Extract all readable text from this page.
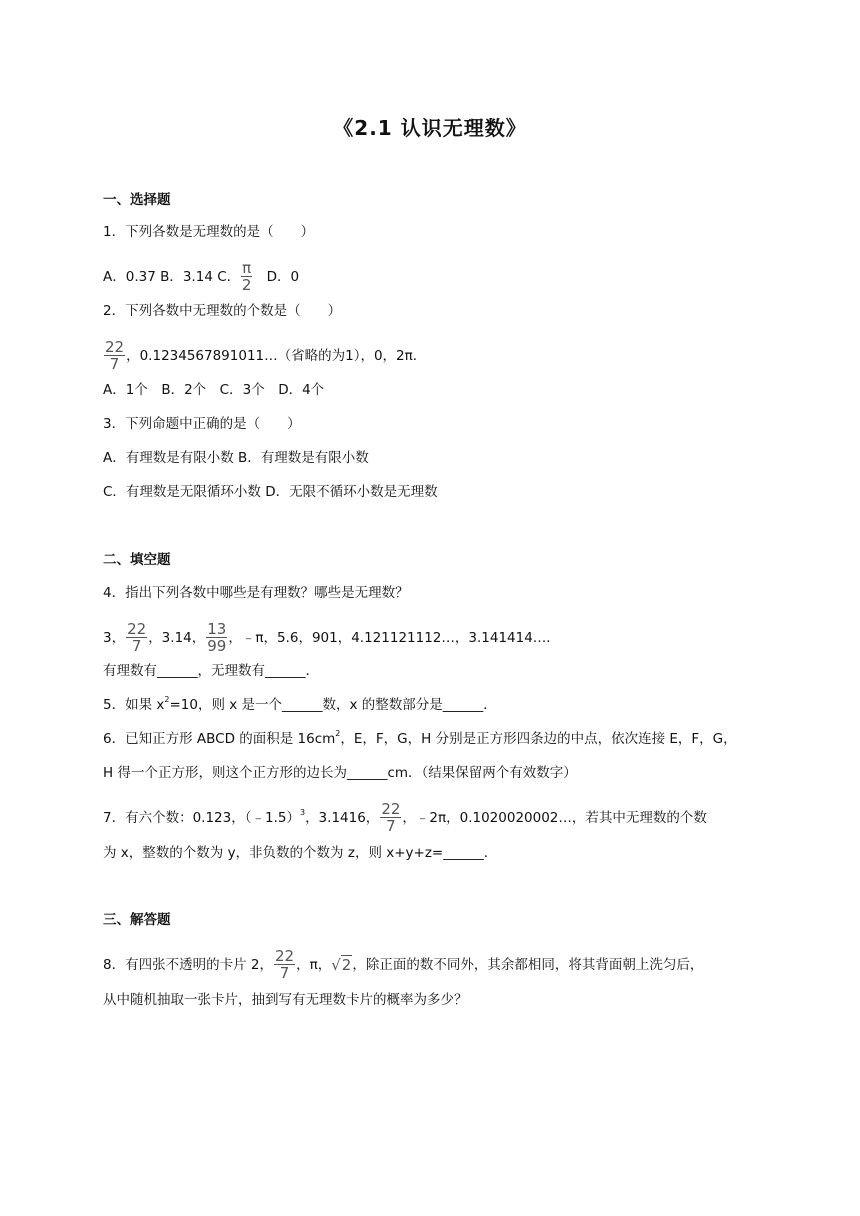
《2.1 认识无理数》
一、选择题
1．下列各数是无理数的是（　　）
A．0.37 B．3.14 C． $\frac{\pi}{2}$ 　D．0
2．下列各数中无理数的个数是（　　）
$\frac{22}{7}$ ，0.1234567891011…（省略的为1），0，2π．
A．1个　B．2个　C．3个　D．4个
3．下列命题中正确的是（　　）
A．有理数是有限小数 B．有理数是有限小数
C．有理数是无限循环小数 D．无限不循环小数是无理数
二、填空题
4．指出下列各数中哪些是有理数？哪些是无理数？
3， $\frac{22}{7}$ ，3.14， $\frac{13}{99}$ ，﹣π，5.6，901，4.121121112…，3.141414…．
有理数有______，无理数有______．
5．如果 $x^2=10$，则 x 是一个______数，x 的整数部分是______．
6．已知正方形 ABCD 的面积是 $16cm^2$，E，F，G，H 分别是正方形四条边的中点，依次连接 E，F，G，
H 得一个正方形，则这个正方形的边长为______cm．（结果保留两个有效数字）
7．有六个数：0.123，（﹣1.5）$^3$，3.1416， $\frac{22}{7}$ ，﹣2π，0.1020020002…，若其中无理数的个数
为 x，整数的个数为 y，非负数的个数为 z，则 x+y+z=______．
三、解答题
8．有四张不透明的卡片 2， $\frac{22}{7}$ ，π，√2，除正面的数不同外，其余都相同，将其背面朝上洗匀后，
从中随机抽取一张卡片，抽到写有无理数卡片的概率为多少？
